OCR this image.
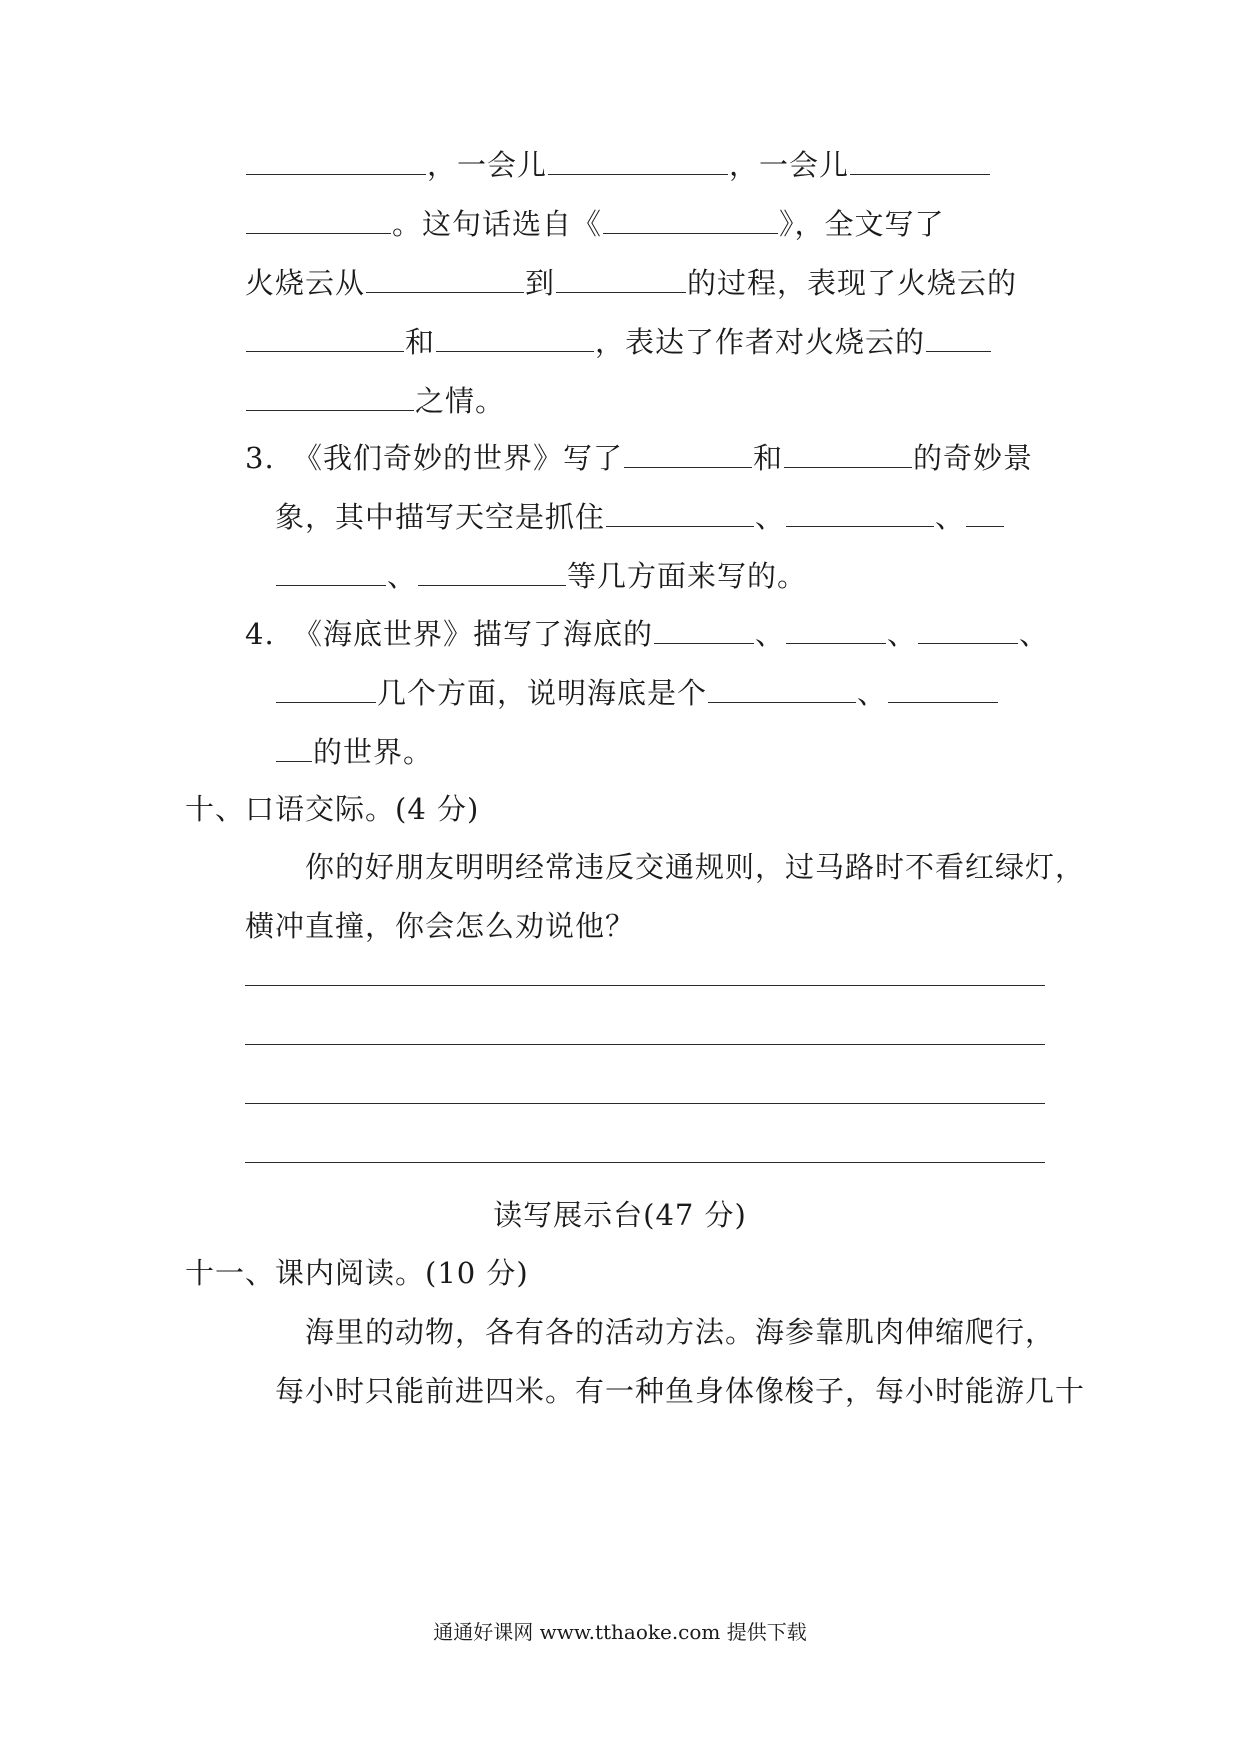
，一会儿	，一会儿
。这句话选自《	》，全文写了
火烧云从	到	的过程，表现了火烧云的
和	，表达了作者对火烧云的
之情。
3. 《我们奇妙的世界》写了	和	的奇妙景
象，其中描写天空是抓住	、	、
、	等几方面来写的。
4. 《海底世界》描写了海底的	、	、	、
几个方面，说明海底是个	、
的世界。
十、口语交际。(4 分)
你的好朋友明明经常违反交通规则，过马路时不看红绿灯，
横冲直撞，你会怎么劝说他？
读写展示台(47 分)
十一、课内阅读。(10 分)
海里的动物，各有各的活动方法。海参靠肌肉伸缩爬行，
每小时只能前进四米。有一种鱼身体像梭子，每小时能游几十
通通好课网 www.tthaoke.com 提供下载
